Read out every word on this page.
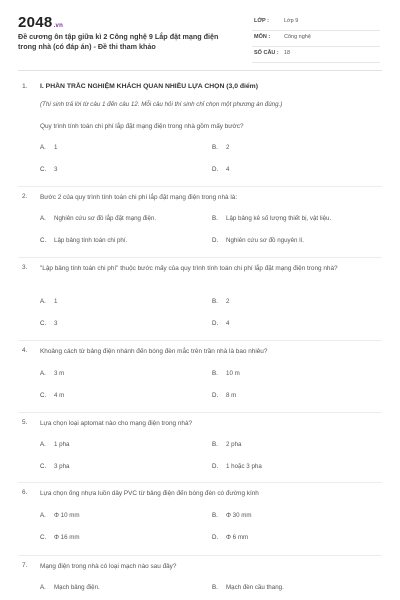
2048.vn
Đề cương ôn tập giữa kì 2 Công nghệ 9 Lắp đặt mạng điện trong nhà (có đáp án) - Đề thi tham khảo
LỚP :	Lớp 9
MÔN :	Công nghệ
SỐ CÂU : 18
1. I. PHẦN TRẮC NGHIỆM KHÁCH QUAN NHIỀU LỰA CHỌN (3,0 điểm)
(Thí sinh trả lời từ câu 1 đến câu 12. Mỗi câu hỏi thí sinh chỉ chọn một phương án đúng.)
Quy trình tính toán chi phí lắp đặt mạng điện trong nhà gồm mấy bước?
A. 1	B. 2
C. 3	D. 4
2. Bước 2 của quy trình tính toán chi phí lắp đặt mạng điện trong nhà là:
A. Nghiên cứu sơ đồ lắp đặt mạng điện.	B. Lập bảng kê số lượng thiết bị, vật liệu.
C. Lập bảng tính toán chi phí.	D. Nghiên cứu sơ đồ nguyên lí.
3. "Lập bảng tính toán chi phí" thuộc bước mấy của quy trình tính toán chi phí lắp đặt mạng điện trong nhà?
A. 1	B. 2
C. 3	D. 4
4. Khoảng cách từ bảng điện nhánh đến bóng đèn mắc trên trần nhà là bao nhiêu?
A. 3 m	B. 10 m
C. 4 m	D. 8 m
5. Lựa chọn loại aptomat nào cho mạng điện trong nhà?
A. 1 pha	B. 2 pha
C. 3 pha	D. 1 hoặc 3 pha
6. Lựa chọn ống nhựa luồn dây PVC từ bảng điện đến bóng đèn có đường kính
A. Φ 10 mm	B. Φ 30 mm
C. Φ 16 mm	D. Φ 6 mm
7. Mạng điện trong nhà có loại mạch nào sau đây?
A. Mạch bảng điện.	B. Mạch đèn cầu thang.
